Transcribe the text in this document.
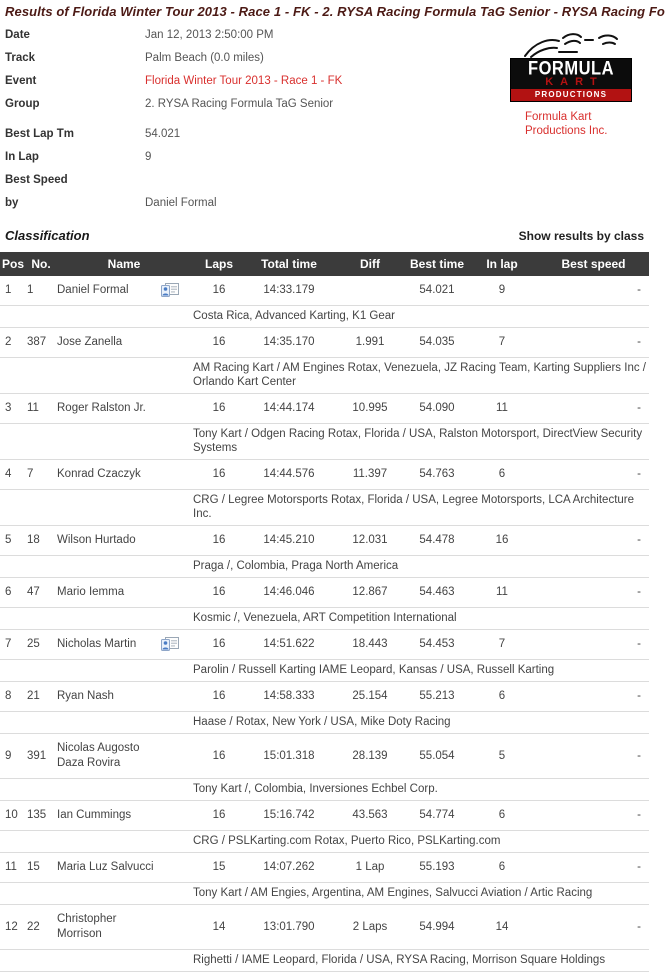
Results of Florida Winter Tour 2013 - Race 1 - FK - 2. RYSA Racing Formula TaG Senior - RYSA Racing Fo
Date	Jan 12, 2013 2:50:00 PM
Track	Palm Beach (0.0 miles)
Event	Florida Winter Tour 2013 - Race 1 - FK
Group	2. RYSA Racing Formula TaG Senior
Best Lap Tm	54.021
In Lap	9
Best Speed
by	Daniel Formal
FORMULA
KART
PRODUCTIONS
Formula Kart Productions Inc.
Classification	Show results by class
Pos	No.	Name		Laps	Total time	Diff	Best time	In lap	Best speed
1	1	Daniel Formal		16	14:33.179		54.021	9	-
				Costa Rica, Advanced Karting, K1 Gear					
2	387	Jose Zanella		16	14:35.170	1.991	54.035	7	-
				AM Racing Kart / AM Engines Rotax, Venezuela, JZ Racing Team, Karting Suppliers Inc / Orlando Kart Center					
3	11	Roger Ralston Jr.		16	14:44.174	10.995	54.090	11	-
				Tony Kart / Odgen Racing Rotax, Florida / USA, Ralston Motorsport, DirectView Security Systems					
4	7	Konrad Czaczyk		16	14:44.576	11.397	54.763	6	-
				CRG / Legree Motorsports Rotax, Florida / USA, Legree Motorsports, LCA Architecture Inc.					
5	18	Wilson Hurtado		16	14:45.210	12.031	54.478	16	-
				Praga /, Colombia, Praga North America					
6	47	Mario Iemma		16	14:46.046	12.867	54.463	11	-
				Kosmic /, Venezuela, ART Competition International					
7	25	Nicholas Martin		16	14:51.622	18.443	54.453	7	-
				Parolin / Russell Karting IAME Leopard, Kansas / USA, Russell Karting					
8	21	Ryan Nash		16	14:58.333	25.154	55.213	6	-
				Haase / Rotax, New York / USA, Mike Doty Racing					
9	391	Nicolas Augosto Daza Rovira		16	15:01.318	28.139	55.054	5	-
				Tony Kart /, Colombia, Inversiones Echbel Corp.					
10	135	Ian Cummings		16	15:16.742	43.563	54.774	6	-
				CRG / PSLKarting.com Rotax, Puerto Rico, PSLKarting.com					
11	15	Maria Luz Salvucci		15	14:07.262	1 Lap	55.193	6	-
				Tony Kart / AM Engies, Argentina, AM Engines, Salvucci Aviation / Artic Racing					
12	22	Christopher Morrison		14	13:01.790	2 Laps	54.994	14	-
				Righetti / IAME Leopard, Florida / USA, RYSA Racing, Morrison Square Holdings					
